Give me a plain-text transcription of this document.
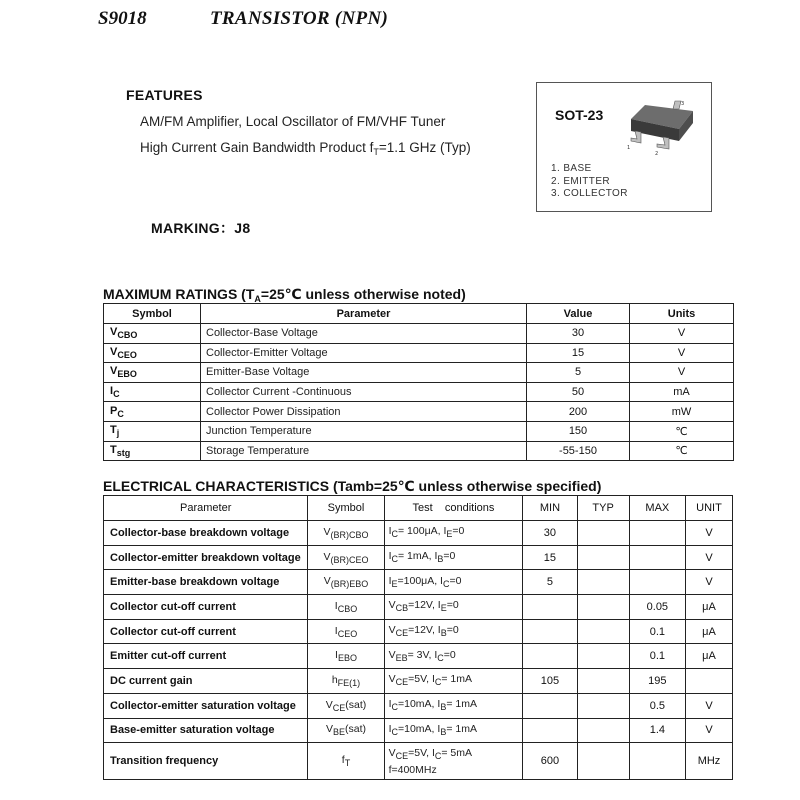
S9018	TRANSISTOR (NPN)
FEATURES
AM/FM Amplifier, Local Oscillator of FM/VHF Tuner
High Current Gain Bandwidth Product $f_T=1.1$ GHz (Typ)
MARKING：J8
SOT-23
1
2
3
1. BASE
2. EMITTER
3. COLLECTOR
MAXIMUM RATINGS ($T_A=25℃$ unless otherwise noted)
Symbol	Parameter	Value	Units
$V_{CBO}$	Collector-Base Voltage	30	V
$V_{CEO}$	Collector-Emitter Voltage	15	V
$V_{EBO}$	Emitter-Base Voltage	5	V
$I_C$	Collector Current -Continuous	50	mA
$P_C$	Collector Power Dissipation	200	mW
$T_j$	Junction Temperature	150	℃
$T_{stg}$	Storage Temperature	-55-150	℃
ELECTRICAL CHARACTERISTICS (Tamb=25℃ unless otherwise specified)
Parameter	Symbol	Test    conditions	MIN	TYP	MAX	UNIT
Collector-base breakdown voltage	V(BR)CBO	IC= 100μA, IE=0	30			V
Collector-emitter breakdown voltage	V(BR)CEO	IC= 1mA, IB=0	15			V
Emitter-base breakdown voltage	V(BR)EBO	IE=100μA, IC=0	5			V
Collector cut-off current	ICBO	VCB=12V, IE=0			0.05	μA
Collector cut-off current	ICEO	VCE=12V, IB=0			0.1	μA
Emitter cut-off current	IEBO	VEB= 3V, IC=0			0.1	μA
DC current gain	hFE(1)	VCE=5V, IC= 1mA	105		195	
Collector-emitter saturation voltage	VCE(sat)	IC=10mA, IB= 1mA			0.5	V
Base-emitter saturation voltage	VBE(sat)	IC=10mA, IB= 1mA			1.4	V
Transition frequency	fT	VCE=5V, IC= 5mA
f=400MHz	600			MHz
